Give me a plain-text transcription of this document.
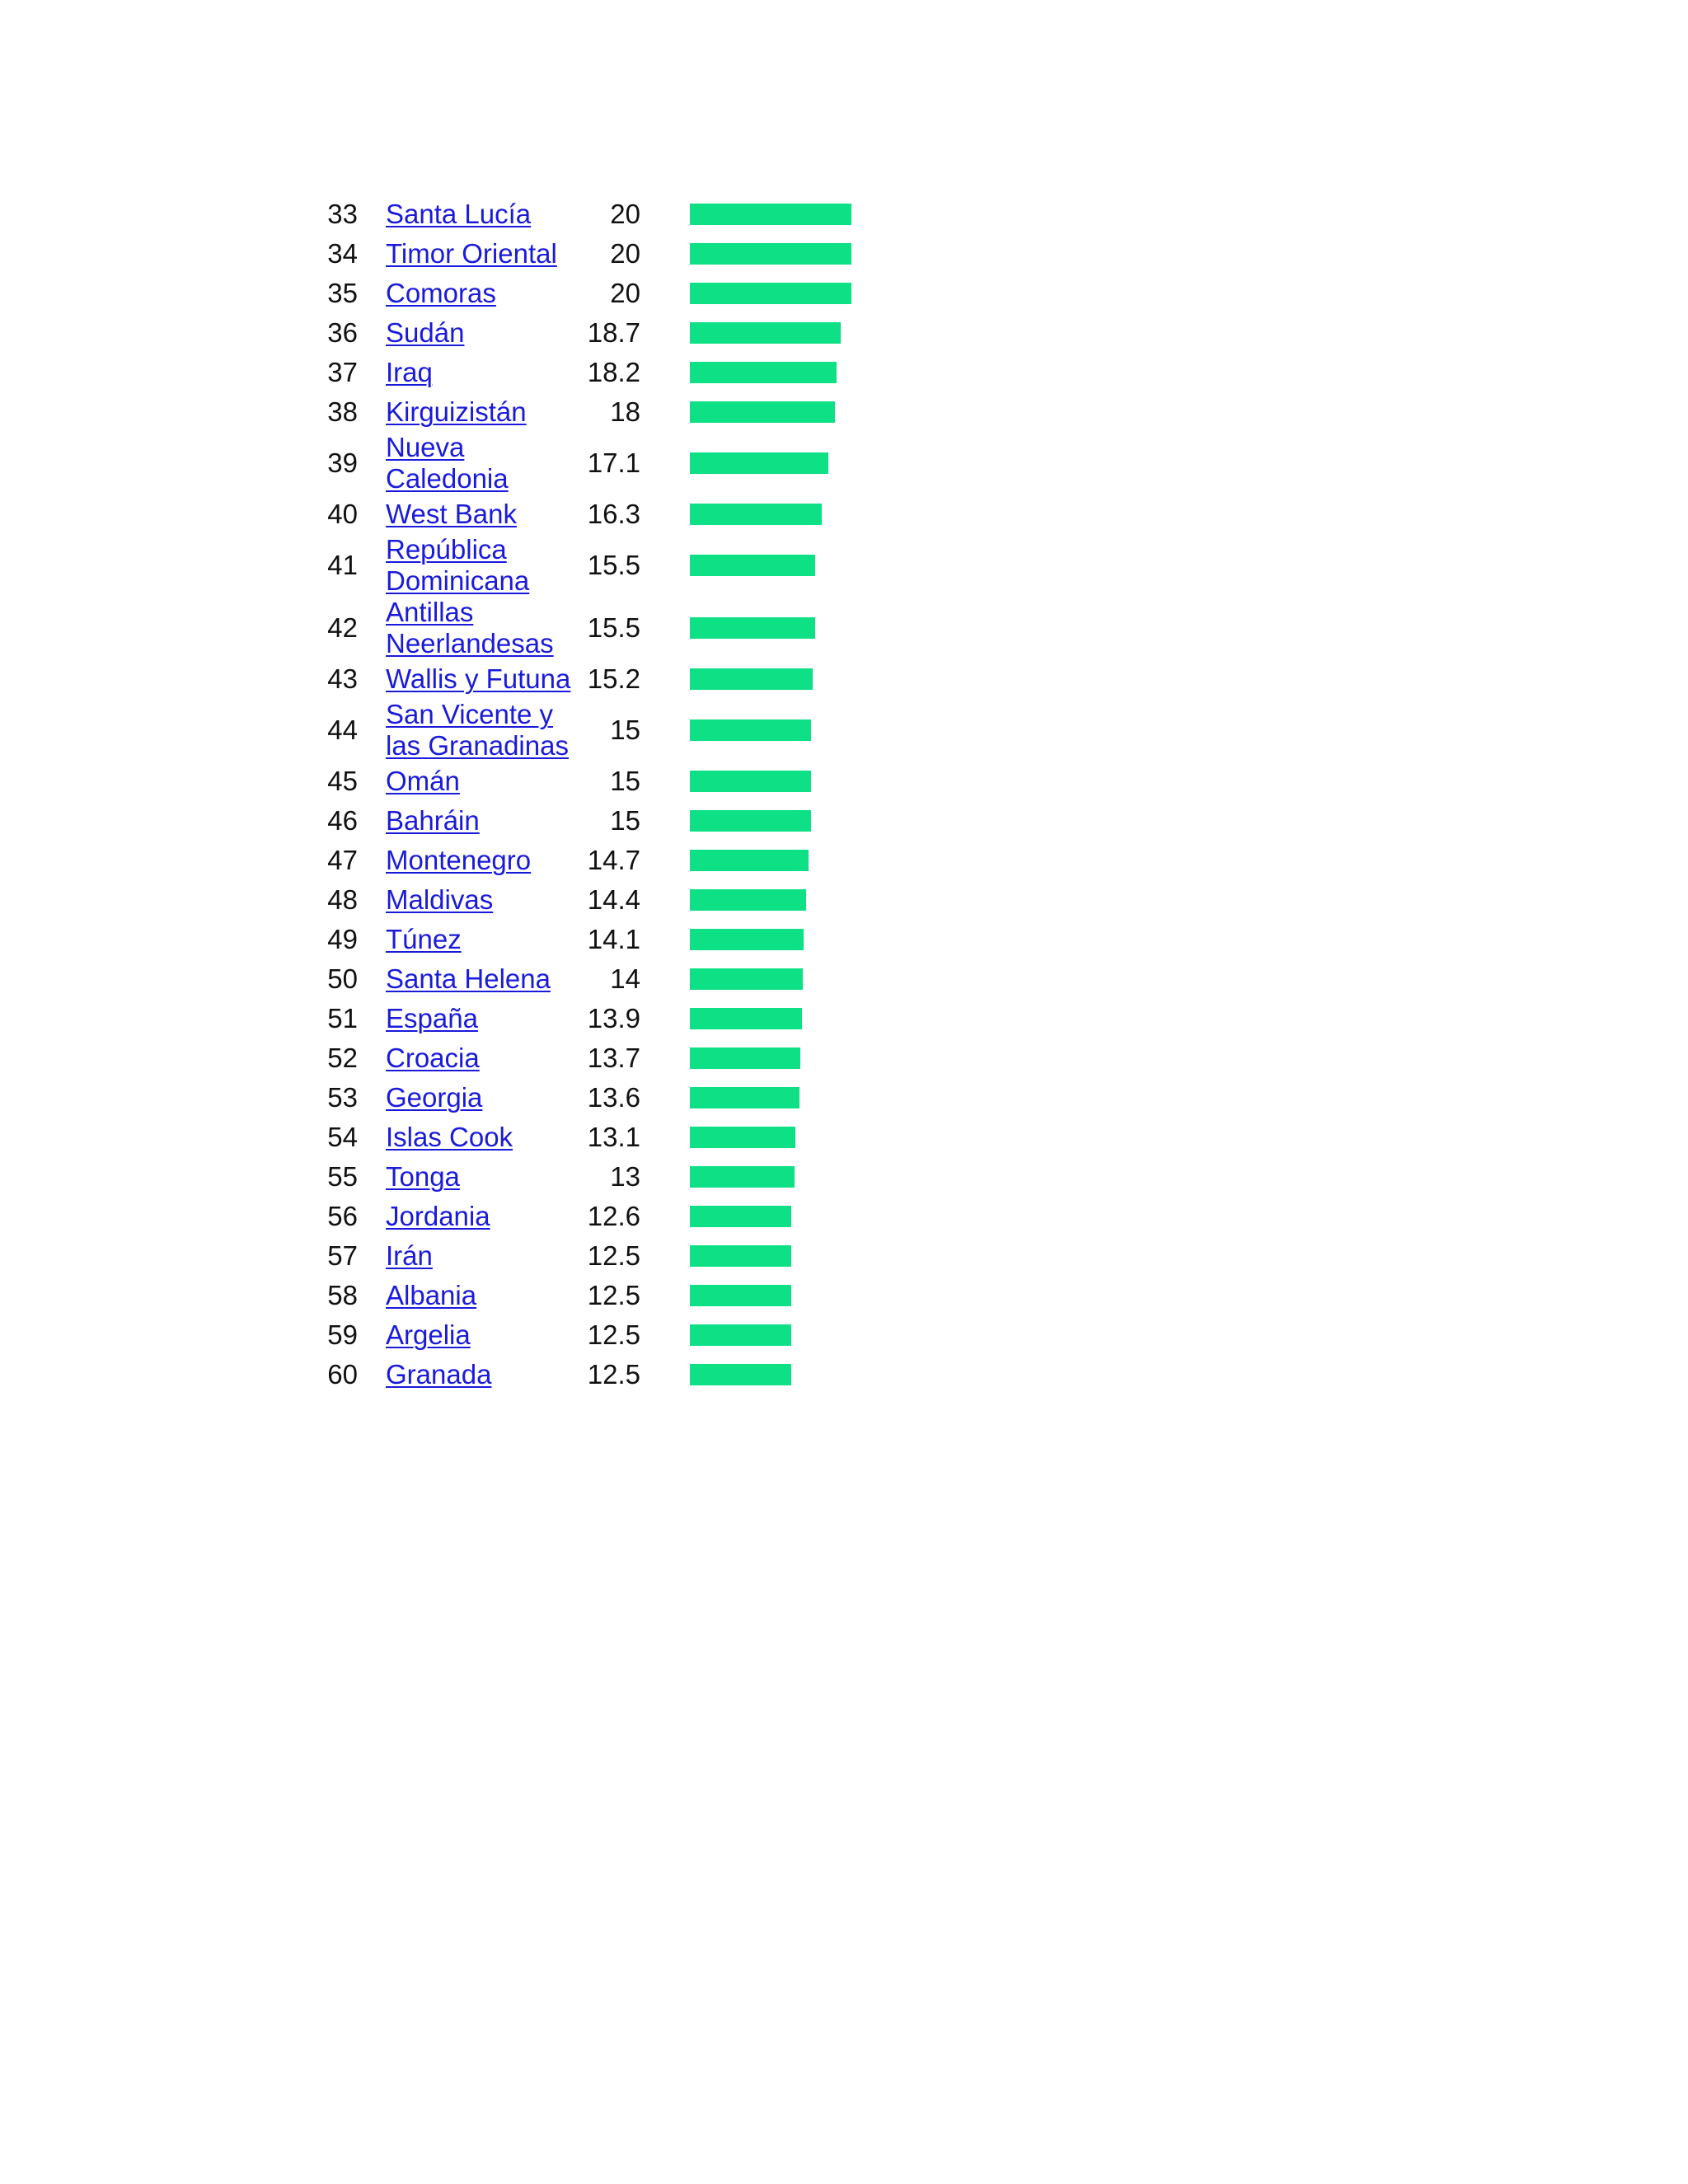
33	Santa Lucía	20	

34	Timor Oriental	20	

35	Comoras	20	

36	Sudán	18.7	

37	Iraq	18.2	

38	Kirguizistán	18	

39	Nueva Caledonia	17.1	

40	West Bank	16.3	

41	República Dominicana	15.5	

42	Antillas Neerlandesas	15.5	

43	Wallis y Futuna	15.2	

44	San Vicente y las Granadinas	15	

45	Omán	15	

46	Bahráin	15	

47	Montenegro	14.7	

48	Maldivas	14.4	

49	Túnez	14.1	

50	Santa Helena	14	

51	España	13.9	

52	Croacia	13.7	

53	Georgia	13.6	

54	Islas Cook	13.1	

55	Tonga	13	

56	Jordania	12.6	

57	Irán	12.5	

58	Albania	12.5	

59	Argelia	12.5	

60	Granada	12.5	
